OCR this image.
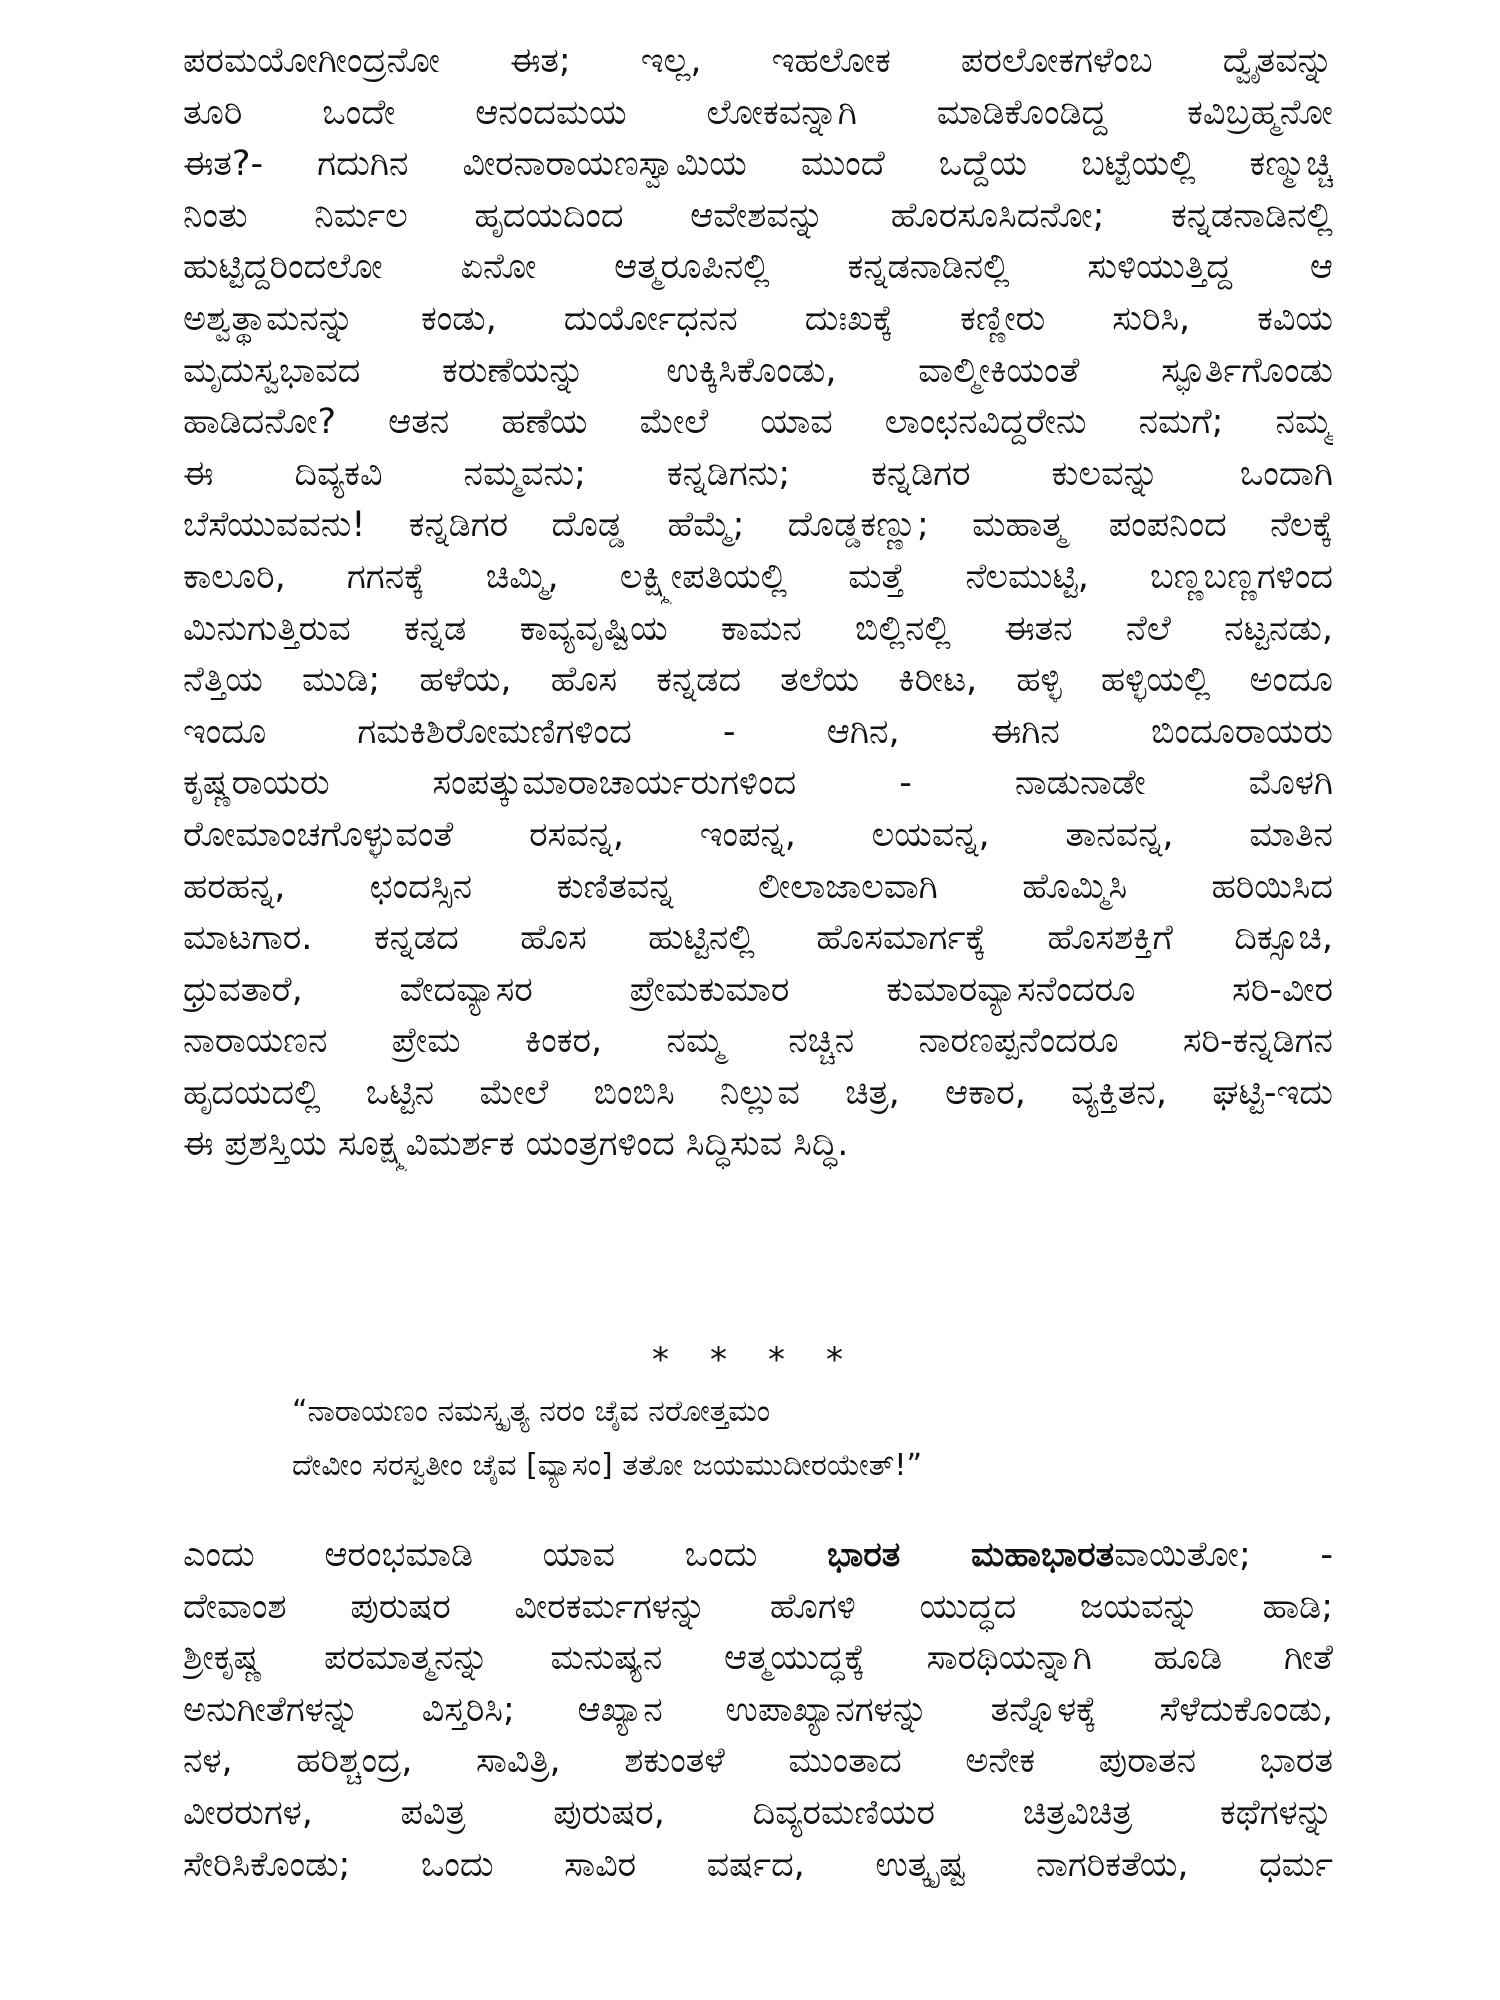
ಪರಮಯೋಗೀಂದ್ರನೋ ಈತ; ಇಲ್ಲ, ಇಹಲೋಕ ಪರಲೋಕಗಳೆಂಬ ದ್ವೈತವನ್ನು
ತೂರಿ ಒಂದೇ ಆನಂದಮಯ ಲೋಕವನ್ನಾಗಿ ಮಾಡಿಕೊಂಡಿದ್ದ ಕವಿಬ್ರಹ್ಮನೋ
ಈತ?- ಗದುಗಿನ ವೀರನಾರಾಯಣಸ್ವಾಮಿಯ ಮುಂದೆ ಒದ್ದೆಯ ಬಟ್ಟೆಯಲ್ಲಿ ಕಣ್ಮುಚ್ಚಿ
ನಿಂತು ನಿರ್ಮಲ ಹೃದಯದಿಂದ ಆವೇಶವನ್ನು ಹೊರಸೂಸಿದನೋ; ಕನ್ನಡನಾಡಿನಲ್ಲಿ
ಹುಟ್ಟಿದ್ದರಿಂದಲೋ ಏನೋ ಆತ್ಮರೂಪಿನಲ್ಲಿ ಕನ್ನಡನಾಡಿನಲ್ಲಿ ಸುಳಿಯುತ್ತಿದ್ದ ಆ
ಅಶ್ವತ್ಥಾಮನನ್ನು ಕಂಡು, ದುರ್ಯೋಧನನ ದುಃಖಕ್ಕೆ ಕಣ್ಣೀರು ಸುರಿಸಿ, ಕವಿಯ
ಮೃದುಸ್ವಭಾವದ ಕರುಣೆಯನ್ನು ಉಕ್ಕಿಸಿಕೊಂಡು, ವಾಲ್ಮೀಕಿಯಂತೆ ಸ್ಫೂರ್ತಿಗೊಂಡು
ಹಾಡಿದನೋ? ಆತನ ಹಣೆಯ ಮೇಲೆ ಯಾವ ಲಾಂಛನವಿದ್ದರೇನು ನಮಗೆ; ನಮ್ಮ
ಈ ದಿವ್ಯಕವಿ ನಮ್ಮವನು; ಕನ್ನಡಿಗನು; ಕನ್ನಡಿಗರ ಕುಲವನ್ನು ಒಂದಾಗಿ
ಬೆಸೆಯುವವನು! ಕನ್ನಡಿಗರ ದೊಡ್ಡ ಹೆಮ್ಮೆ; ದೊಡ್ಡಕಣ್ಣು; ಮಹಾತ್ಮ ಪಂಪನಿಂದ ನೆಲಕ್ಕೆ
ಕಾಲೂರಿ, ಗಗನಕ್ಕೆ ಚಿಮ್ಮಿ, ಲಕ್ಷ್ಮೀಪತಿಯಲ್ಲಿ ಮತ್ತೆ ನೆಲಮುಟ್ಟಿ, ಬಣ್ಣಬಣ್ಣಗಳಿಂದ
ಮಿನುಗುತ್ತಿರುವ ಕನ್ನಡ ಕಾವ್ಯವೃಷ್ಟಿಯ ಕಾಮನ ಬಿಲ್ಲಿನಲ್ಲಿ ಈತನ ನೆಲೆ ನಟ್ಟನಡು,
ನೆತ್ತಿಯ ಮುಡಿ; ಹಳೆಯ, ಹೊಸ ಕನ್ನಡದ ತಲೆಯ ಕಿರೀಟ, ಹಳ್ಳಿ ಹಳ್ಳಿಯಲ್ಲಿ ಅಂದೂ
ಇಂದೂ ಗಮಕಿಶಿರೋಮಣಿಗಳಿಂದ - ಆಗಿನ, ಈಗಿನ ಬಿಂದೂರಾಯರು
ಕೃಷ್ಣರಾಯರು ಸಂಪತ್ಕುಮಾರಾಚಾರ್ಯರುಗಳಿಂದ - ನಾಡುನಾಡೇ ಮೊಳಗಿ
ರೋಮಾಂಚಗೊಳ್ಳುವಂತೆ ರಸವನ್ನ, ಇಂಪನ್ನ, ಲಯವನ್ನ, ತಾನವನ್ನ, ಮಾತಿನ
ಹರಹನ್ನ, ಛಂದಸ್ಸಿನ ಕುಣಿತವನ್ನ ಲೀಲಾಜಾಲವಾಗಿ ಹೊಮ್ಮಿಸಿ ಹರಿಯಿಸಿದ
ಮಾಟಗಾರ. ಕನ್ನಡದ ಹೊಸ ಹುಟ್ಟಿನಲ್ಲಿ ಹೊಸಮಾರ್ಗಕ್ಕೆ ಹೊಸಶಕ್ತಿಗೆ ದಿಕ್ಸೂಚಿ,
ಧ್ರುವತಾರೆ, ವೇದವ್ಯಾಸರ ಪ್ರೇಮಕುಮಾರ ಕುಮಾರವ್ಯಾಸನೆಂದರೂ ಸರಿ-ವೀರ
ನಾರಾಯಣನ ಪ್ರೇಮ ಕಿಂಕರ, ನಮ್ಮ ನಚ್ಚಿನ ನಾರಣಪ್ಪನೆಂದರೂ ಸರಿ-ಕನ್ನಡಿಗನ
ಹೃದಯದಲ್ಲಿ ಒಟ್ಟಿನ ಮೇಲೆ ಬಿಂಬಿಸಿ ನಿಲ್ಲುವ ಚಿತ್ರ, ಆಕಾರ, ವ್ಯಕ್ತಿತನ, ಘಟ್ಟಿ-ಇದು
ಈ ಪ್ರಶಸ್ತಿಯ ಸೂಕ್ಷ್ಮವಿಮರ್ಶಕ ಯಂತ್ರಗಳಿಂದ ಸಿದ್ಧಿಸುವ ಸಿದ್ಧಿ.
* * * *
“ನಾರಾಯಣಂ ನಮಸ್ಕೃತ್ಯ ನರಂ ಚೈವ ನರೋತ್ತಮಂ
ದೇವೀಂ ಸರಸ್ವತೀಂ ಚೈವ [ವ್ಯಾಸಂ] ತತೋ ಜಯಮುದೀರಯೇತ್!”
ಎಂದು ಆರಂಭಮಾಡಿ ಯಾವ ಒಂದು ಭಾರತ ಮಹಾಭಾರತವಾಯಿತೋ; -
ದೇವಾಂಶ ಪುರುಷರ ವೀರಕರ್ಮಗಳನ್ನು ಹೊಗಳಿ ಯುದ್ಧದ ಜಯವನ್ನು ಹಾಡಿ;
ಶ್ರೀಕೃಷ್ಣ ಪರಮಾತ್ಮನನ್ನು ಮನುಷ್ಯನ ಆತ್ಮಯುದ್ಧಕ್ಕೆ ಸಾರಥಿಯನ್ನಾಗಿ ಹೂಡಿ ಗೀತೆ
ಅನುಗೀತೆಗಳನ್ನು ವಿಸ್ತರಿಸಿ; ಆಖ್ಯಾನ ಉಪಾಖ್ಯಾನಗಳನ್ನು ತನ್ನೊಳಕ್ಕೆ ಸೆಳೆದುಕೊಂಡು,
ನಳ, ಹರಿಶ್ಚಂದ್ರ, ಸಾವಿತ್ರಿ, ಶಕುಂತಳೆ ಮುಂತಾದ ಅನೇಕ ಪುರಾತನ ಭಾರತ
ವೀರರುಗಳ, ಪವಿತ್ರ ಪುರುಷರ, ದಿವ್ಯರಮಣಿಯರ ಚಿತ್ರವಿಚಿತ್ರ ಕಥೆಗಳನ್ನು
ಸೇರಿಸಿಕೊಂಡು; ಒಂದು ಸಾವಿರ ವರ್ಷದ, ಉತ್ಕೃಷ್ಟ ನಾಗರಿಕತೆಯ, ಧರ್ಮ
